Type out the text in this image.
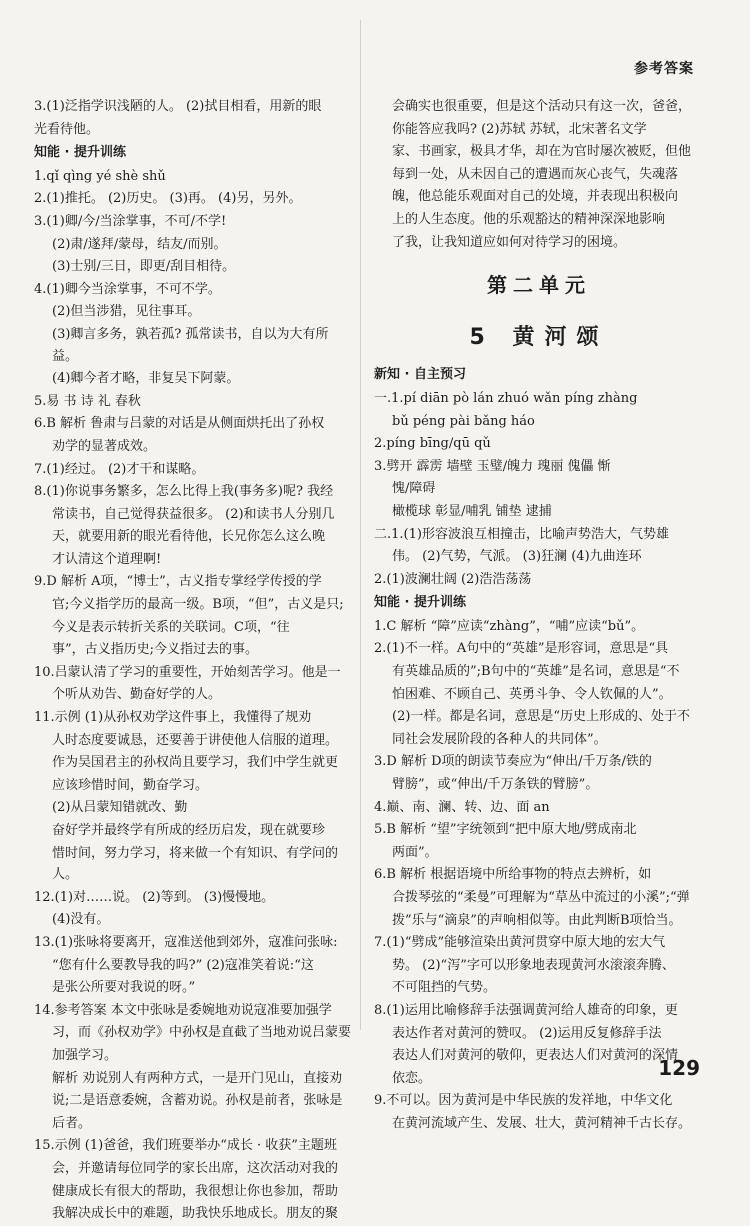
参考答案
3.(1)泛指学识浅陋的人。 (2)拭目相看，用新的眼
光看待他。
知能 · 提升训练
1.qǐ qìng yé shè shǔ
2.(1)推托。 (2)历史。 (3)再。 (4)另，另外。
3.(1)卿/今/当涂掌事，不可/不学!
(2)肃/遂拜/蒙母，结友/而别。
(3)士别/三日，即更/刮目相待。
4.(1)卿今当涂掌事，不可不学。
(2)但当涉猎，见往事耳。
(3)卿言多务，孰若孤? 孤常读书，自以为大有所益。
(4)卿今者才略，非复吴下阿蒙。
5.易 书 诗 礼 春秋
6.B 解析 鲁肃与吕蒙的对话是从侧面烘托出了孙权
劝学的显著成效。
7.(1)经过。 (2)才干和谋略。
8.(1)你说事务繁多，怎么比得上我(事务多)呢? 我经
常读书，自己觉得获益很多。 (2)和读书人分别几
天，就要用新的眼光看待他，长兄你怎么这么晚
才认清这个道理啊!
9.D 解析 A项，“博士”，古义指专掌经学传授的学
官;今义指学历的最高一级。B项，“但”，古义是只;
今义是表示转折关系的关联词。C项，“往
事”，古义指历史;今义指过去的事。
10.吕蒙认清了学习的重要性，开始刻苦学习。他是一
个听从劝告、勤奋好学的人。
11.示例 (1)从孙权劝学这件事上，我懂得了规劝
人时态度要诚恳，还要善于讲使他人信服的道理。
作为吴国君主的孙权尚且要学习，我们中学生就更
应该珍惜时间，勤奋学习。
(2)从吕蒙知错就改、勤
奋好学并最终学有所成的经历启发，现在就要珍
惜时间，努力学习，将来做一个有知识、有学问的人。
12.(1)对……说。 (2)等到。 (3)慢慢地。
(4)没有。
13.(1)张咏将要离开，寇准送他到郊外，寇准问张咏:
“您有什么要教导我的吗?” (2)寇准笑着说:“这
是张公所要对我说的呀。”
14.参考答案 本文中张咏是委婉地劝说寇准要加强学
习，而《孙权劝学》中孙权是直截了当地劝说吕蒙要
加强学习。
解析 劝说别人有两种方式，一是开门见山，直接劝
说;二是语意委婉，含蓄劝说。孙权是前者，张咏是
后者。
15.示例 (1)爸爸，我们班要举办“成长 · 收获”主题班
会，并邀请每位同学的家长出席，这次活动对我的
健康成长有很大的帮助，我很想让你也参加，帮助
我解决成长中的难题，助我快乐地成长。朋友的聚
会确实也很重要，但是这个活动只有这一次，爸爸，
你能答应我吗? (2)苏轼 苏轼，北宋著名文学
家、书画家，极具才华，却在为官时屡次被贬，但他
每到一处，从未因自己的遭遇而灰心丧气，失魂落
魄，他总能乐观面对自己的处境，并表现出积极向
上的人生态度。他的乐观豁达的精神深深地影响
了我，让我知道应如何对待学习的困境。
第二单元
5 黄河颂
新知 · 自主预习
一.1.pí diān pò lán zhuó wǎn píng zhàng
bǔ péng pài bǎng háo
2.píng bīng/qū qǔ
3.劈开 霹雳 墙壁 玉璧/魄力 瑰丽 傀儡 惭
愧/障碍
橄榄球 彰显/哺乳 铺垫 逮捕
二.1.(1)形容波浪互相撞击，比喻声势浩大，气势雄
伟。 (2)气势，气派。 (3)狂澜 (4)九曲连环
2.(1)波澜壮阔 (2)浩浩荡荡
知能 · 提升训练
1.C 解析 “障”应读“zhàng”，“哺”应读“bǔ”。
2.(1)不一样。A句中的“英雄”是形容词，意思是“具
有英雄品质的”;B句中的“英雄”是名词，意思是“不
怕困难、不顾自己、英勇斗争、令人钦佩的人”。
(2)一样。都是名词，意思是“历史上形成的、处于不
同社会发展阶段的各种人的共同体”。
3.D 解析 D项的朗读节奏应为“伸出/千万条/铁的
臂膀”，或“伸出/千万条铁的臂膀”。
4.巅、南、澜、转、边、面 an
5.B 解析 “望”字统领到“把中原大地/劈成南北
两面”。
6.B 解析 根据语境中所给事物的特点去辨析，如
合拨琴弦的“柔曼”可理解为“草丛中流过的小溪”;“弹
拨”乐与“滴泉”的声响相似等。由此判断B项恰当。
7.(1)“劈成”能够渲染出黄河贯穿中原大地的宏大气
势。 (2)“泻”字可以形象地表现黄河水滚滚奔腾、
不可阻挡的气势。
8.(1)运用比喻修辞手法强调黄河给人雄奇的印象，更
表达作者对黄河的赞叹。 (2)运用反复修辞手法
表达人们对黄河的敬仰，更表达人们对黄河的深情
依恋。
9.不可以。因为黄河是中华民族的发祥地，中华文化
在黄河流域产生、发展、壮大，黄河精神千古长存。
129
